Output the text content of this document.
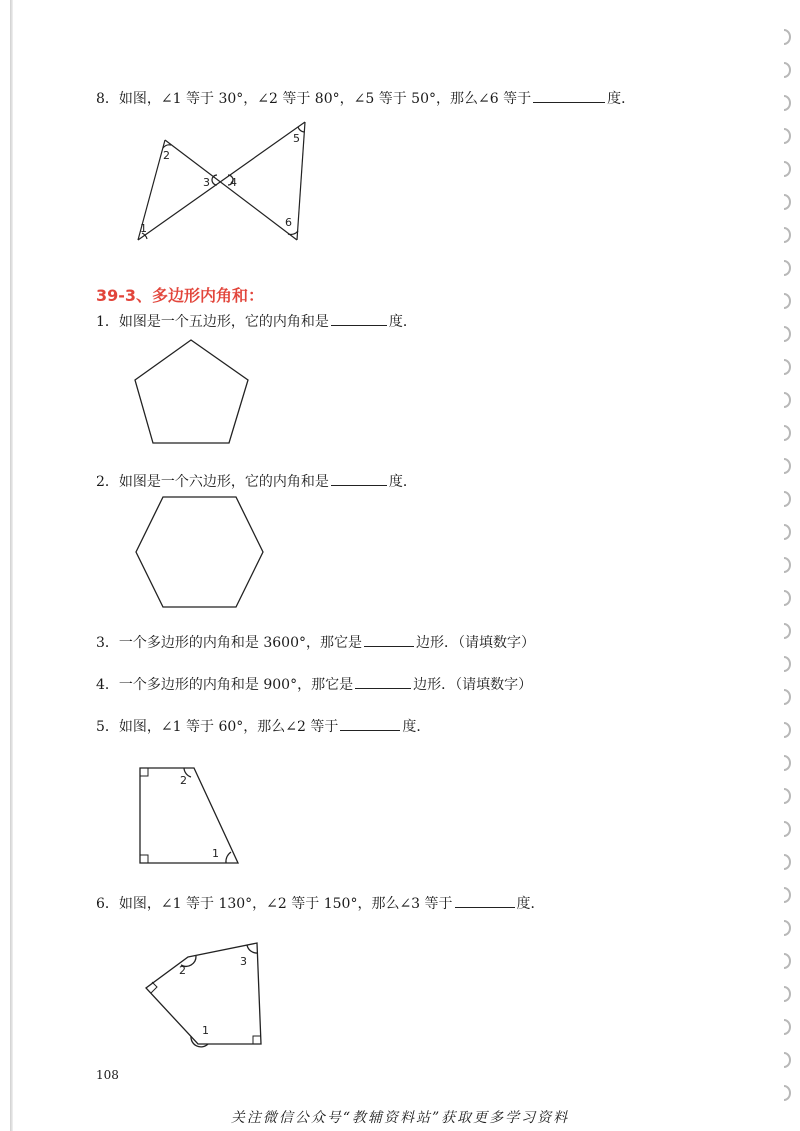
8．如图，∠1 等于 30°，∠2 等于 80°，∠5 等于 50°，那么∠6 等于	度．
1
2
3 4
5
6
39-3、多边形内角和：
1．如图是一个五边形，它的内角和是	度．
2．如图是一个六边形，它的内角和是	度．
3．一个多边形的内角和是 3600°，那它是	边形．（请填数字）
4．一个多边形的内角和是 900°，那它是	边形．（请填数字）
5．如图，∠1 等于 60°，那么∠2 等于	度．
2
1
6．如图，∠1 等于 130°，∠2 等于 150°，那么∠3 等于	度．
2
3
1
108
关注微信公众号“教辅资料站”获取更多学习资料
